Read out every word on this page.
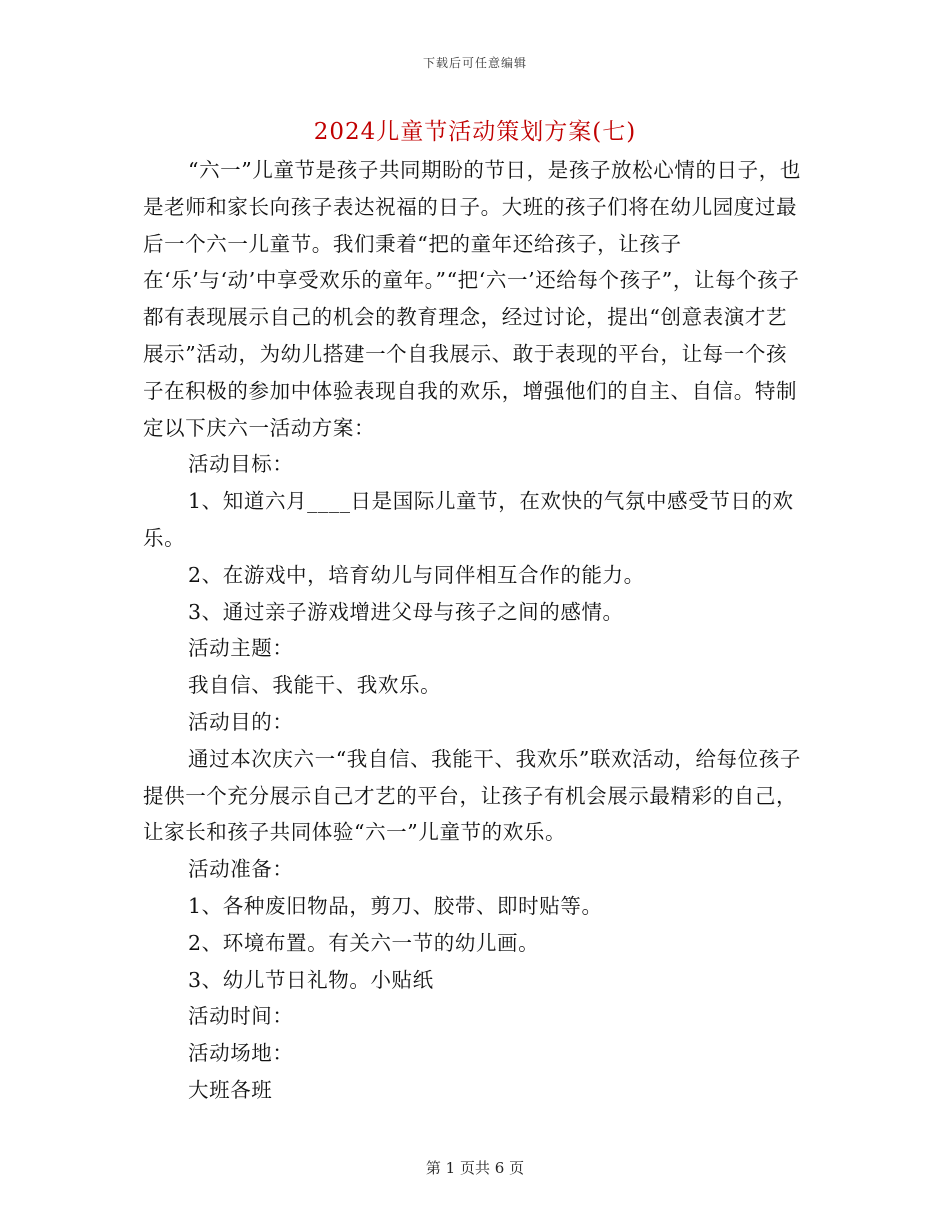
下载后可任意编辑
2024儿童节活动策划方案(七)

“六一”儿童节是孩子共同期盼的节日，是孩子放松心情的日子，也是老师和家长向孩子表达祝福的日子。大班的孩子们将在幼儿园度过最后一个六一儿童节。我们秉着“把的童年还给孩子，让孩子在‘乐’与‘动’中享受欢乐的童年。”“把‘六一’还给每个孩子”，让每个孩子都有表现展示自己的机会的教育理念，经过讨论，提出“创意表演才艺展示”活动，为幼儿搭建一个自我展示、敢于表现的平台，让每一个孩子在积极的参加中体验表现自我的欢乐，增强他们的自主、自信。特制定以下庆六一活动方案：

活动目标：

1、知道六月____日是国际儿童节，在欢快的气氛中感受节日的欢乐。

2、在游戏中，培育幼儿与同伴相互合作的能力。

3、通过亲子游戏增进父母与孩子之间的感情。

活动主题：

我自信、我能干、我欢乐。

活动目的：

通过本次庆六一“我自信、我能干、我欢乐”联欢活动，给每位孩子提供一个充分展示自己才艺的平台，让孩子有机会展示最精彩的自己，让家长和孩子共同体验“六一”儿童节的欢乐。

活动准备：

1、各种废旧物品，剪刀、胶带、即时贴等。

2、环境布置。有关六一节的幼儿画。

3、幼儿节日礼物。小贴纸

活动时间：

活动场地：

大班各班

第 1 页共 6 页
